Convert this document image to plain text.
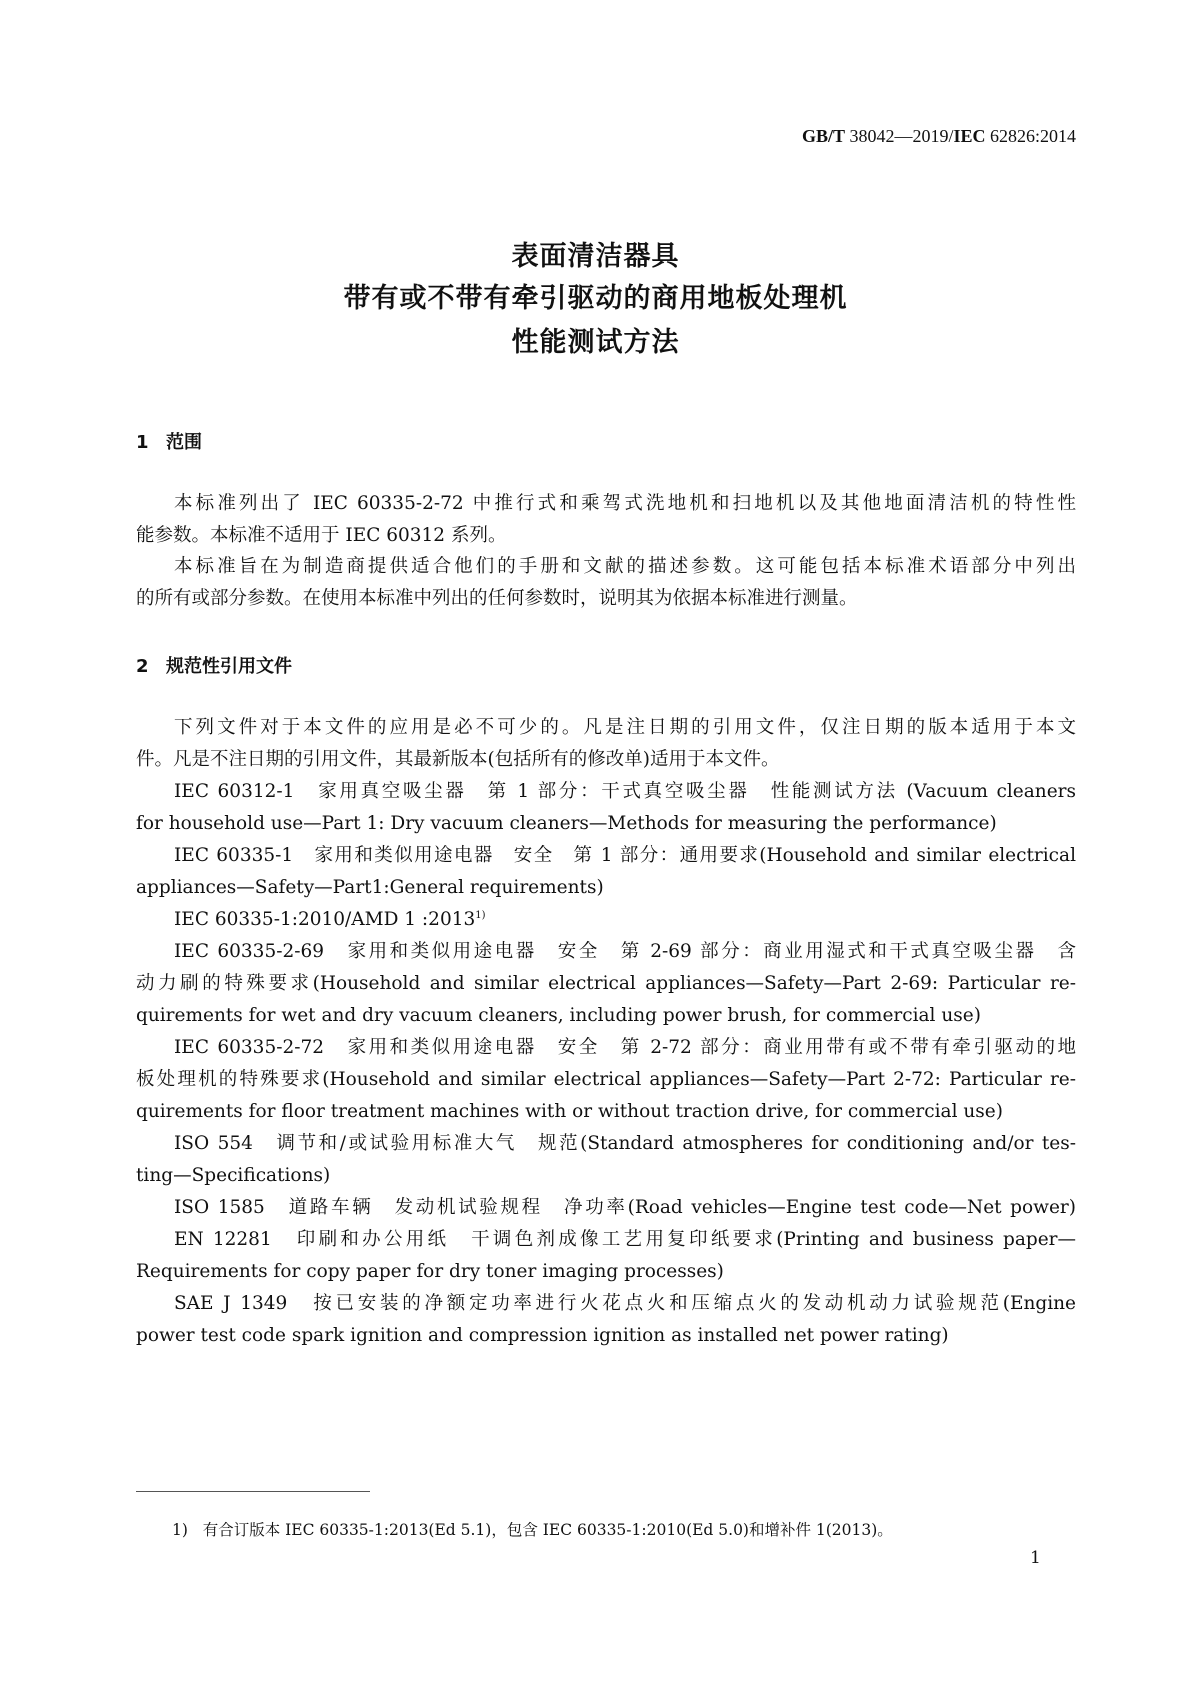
GB/T 38042—2019/IEC 62826:2014
表面清洁器具
带有或不带有牵引驱动的商用地板处理机
性能测试方法
1 范围
本标准列出了 IEC 60335-2-72 中推行式和乘驾式洗地机和扫地机以及其他地面清洁机的特性性
能参数。本标准不适用于 IEC 60312 系列。
本标准旨在为制造商提供适合他们的手册和文献的描述参数。这可能包括本标准术语部分中列出
的所有或部分参数。在使用本标准中列出的任何参数时，说明其为依据本标准进行测量。
2 规范性引用文件
下列文件对于本文件的应用是必不可少的。凡是注日期的引用文件，仅注日期的版本适用于本文
件。凡是不注日期的引用文件，其最新版本(包括所有的修改单)适用于本文件。
IEC 60312-1　家用真空吸尘器　第 1 部分：干式真空吸尘器　性能测试方法 (Vacuum cleaners
for household use—Part 1: Dry vacuum cleaners—Methods for measuring the performance)
IEC 60335-1　家用和类似用途电器　安全　第 1 部分：通用要求(Household and similar electrical
appliances—Safety—Part1:General requirements)
IEC 60335-1:2010/AMD 1 :2013$^{1)}$
IEC 60335-2-69　家用和类似用途电器　安全　第 2-69 部分：商业用湿式和干式真空吸尘器　含
动力刷的特殊要求(Household and similar electrical appliances—Safety—Part 2-69: Particular re-
quirements for wet and dry vacuum cleaners, including power brush, for commercial use)
IEC 60335-2-72　家用和类似用途电器　安全　第 2-72 部分：商业用带有或不带有牵引驱动的地
板处理机的特殊要求(Household and similar electrical appliances—Safety—Part 2-72: Particular re-
quirements for floor treatment machines with or without traction drive, for commercial use)
ISO 554　调节和/或试验用标准大气　规范(Standard atmospheres for conditioning and/or tes-
ting—Specifications)
ISO 1585　道路车辆　发动机试验规程　净功率(Road vehicles—Engine test code—Net power)
EN 12281　印刷和办公用纸　干调色剂成像工艺用复印纸要求(Printing and business paper—
Requirements for copy paper for dry toner imaging processes)
SAE J 1349　按已安装的净额定功率进行火花点火和压缩点火的发动机动力试验规范(Engine
power test code spark ignition and compression ignition as installed net power rating)
1) 有合订版本 IEC 60335-1:2013(Ed 5.1)，包含 IEC 60335-1:2010(Ed 5.0)和增补件 1(2013)。
1
